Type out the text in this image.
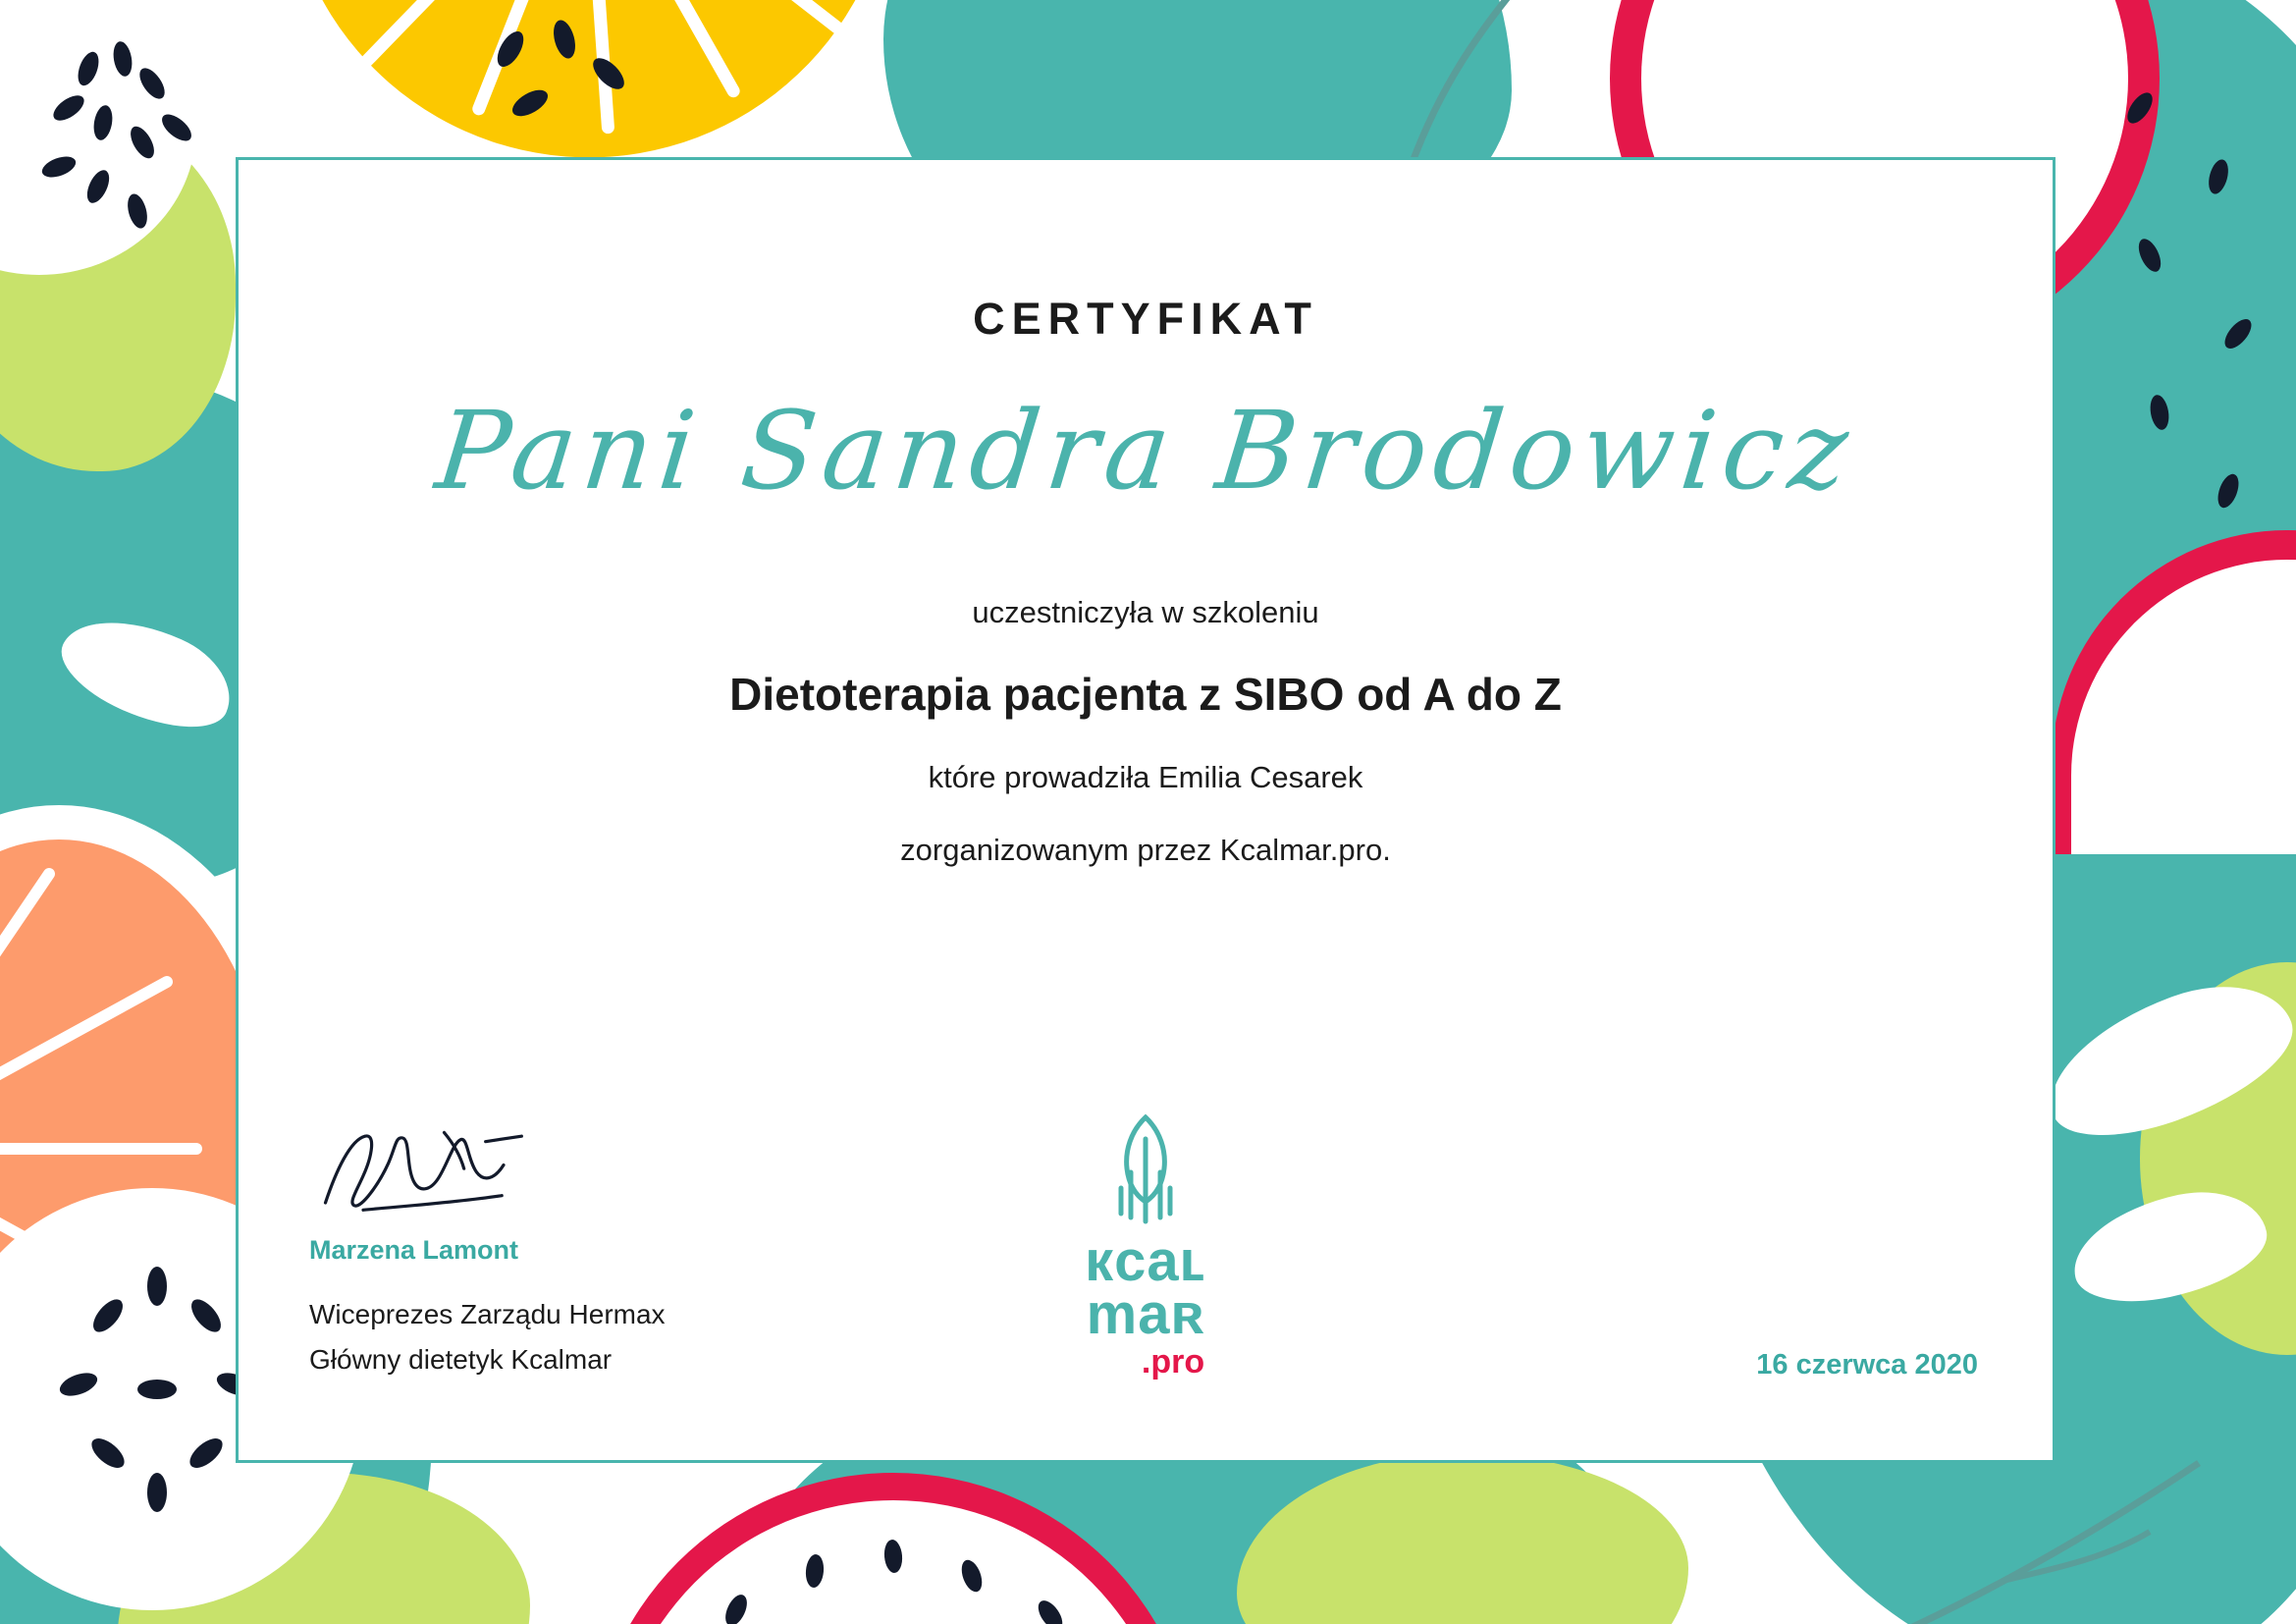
CERTYFIKAT
Pani Sandra Brodowicz
uczestniczyła w szkoleniu
Dietoterapia pacjenta z SIBO od A do Z
które prowadziła Emilia Cesarek
zorganizowanym przez Kcalmar.pro.
Marzena Lamont
Wiceprezes Zarządu Hermax
Główny dietetyk Kcalmar
кcaʟ
maʀ
.pro	16 czerwca 2020
